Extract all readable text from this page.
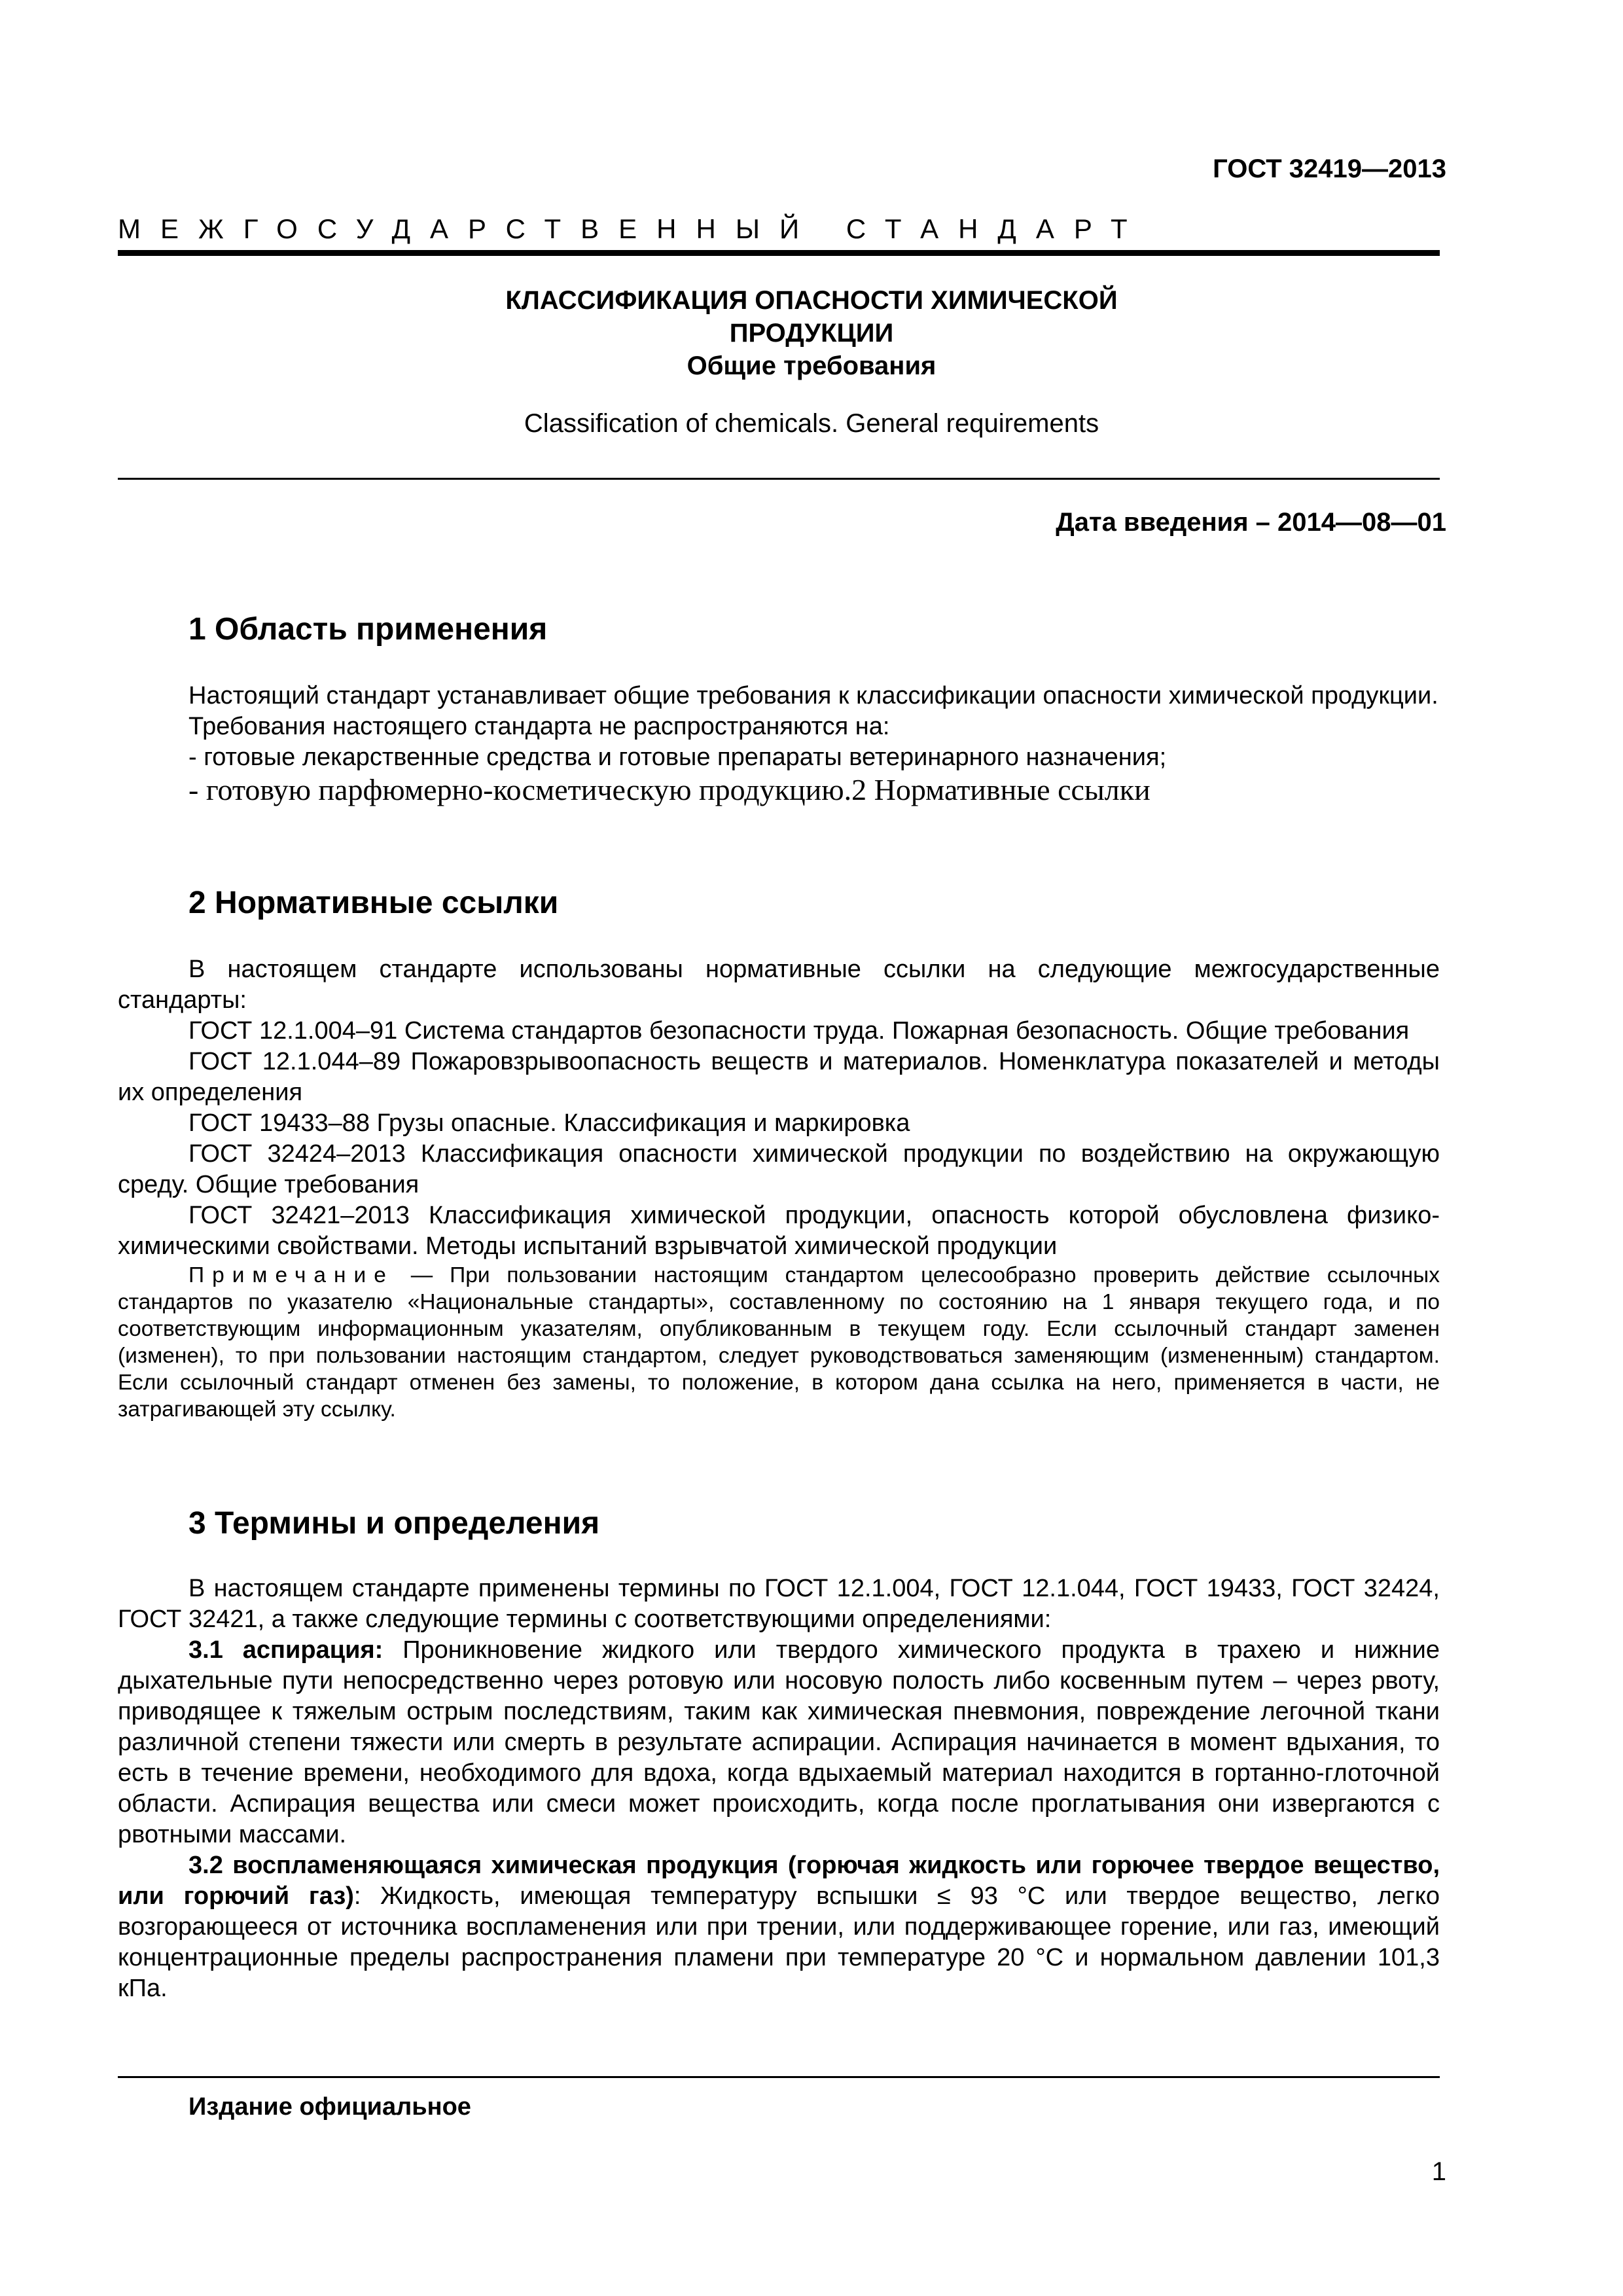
ГОСТ 32419—2013
МЕЖГОСУДАРСТВЕННЫЙ СТАНДАРТ

КЛАССИФИКАЦИЯ ОПАСНОСТИ ХИМИЧЕСКОЙ

ПРОДУКЦИИ

Общие требования

Classification of chemicals. General requirements
Дата введения – 2014—08—01
1 Область применения

Настоящий стандарт устанавливает общие требования к классификации опасности химической продукции.

Требования настоящего стандарта не распространяются на:

- готовые лекарственные средства и готовые препараты ветеринарного назначения;

- готовую парфюмерно-косметическую продукцию.2 Нормативные ссылки

2 Нормативные ссылки

В настоящем стандарте использованы нормативные ссылки на следующие межгосударственные стандарты:

ГОСТ 12.1.004–91 Система стандартов безопасности труда. Пожарная безопасность. Общие требования

ГОСТ 12.1.044–89 Пожаровзрывоопасность веществ и материалов. Номенклатура показателей и методы их определения

ГОСТ 19433–88 Грузы опасные. Классификация и маркировка

ГОСТ 32424–2013 Классификация опасности химической продукции по воздействию на окружающую среду. Общие требования

ГОСТ 32421–2013 Классификация химической продукции, опасность которой обусловлена физико-химическими свойствами. Методы испытаний взрывчатой химической продукции

Примечание — При пользовании настоящим стандартом целесообразно проверить действие ссылочных стандартов по указателю «Национальные стандарты», составленному по состоянию на 1 января текущего года, и по соответствующим информационным указателям, опубликованным в текущем году. Если ссылочный стандарт заменен (изменен), то при пользовании настоящим стандартом, следует руководствоваться заменяющим (измененным) стандартом. Если ссылочный стандарт отменен без замены, то положение, в котором дана ссылка на него, применяется в части, не затрагивающей эту ссылку.

3 Термины и определения

В настоящем стандарте применены термины по ГОСТ 12.1.004, ГОСТ 12.1.044, ГОСТ 19433, ГОСТ 32424, ГОСТ 32421, а также следующие термины с соответствующими определениями:

3.1 аспирация: Проникновение жидкого или твердого химического продукта в трахею и нижние дыхательные пути непосредственно через ротовую или носовую полость либо косвенным путем – через рвоту, приводящее к тяжелым острым последствиям, таким как химическая пневмония, повреждение легочной ткани различной степени тяжести или смерть в результате аспирации. Аспирация начинается в момент вдыхания, то есть в течение времени, необходимого для вдоха, когда вдыхаемый материал находится в гортанно-глоточной области. Аспирация вещества или смеси может происходить, когда после проглатывания они извергаются с рвотными массами.

3.2 воспламеняющаяся химическая продукция (горючая жидкость или горючее твердое вещество, или горючий газ): Жидкость, имеющая температуру вспышки ≤ 93 °С или твердое вещество, легко возгорающееся от источника воспламенения или при трении, или поддерживающее горение, или газ, имеющий концентрационные пределы распространения пламени при температуре 20 °С и нормальном давлении 101,3 кПа.

Издание официальное
1
